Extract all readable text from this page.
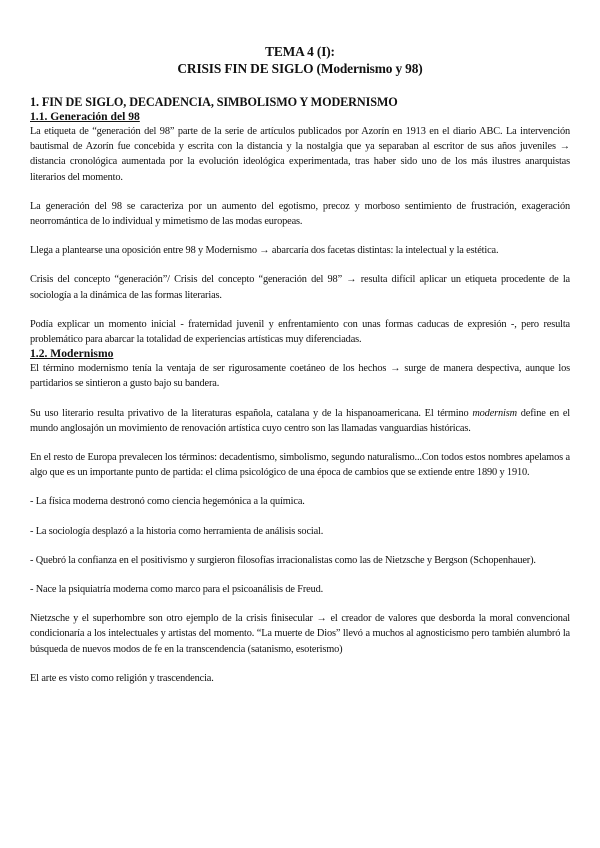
TEMA 4 (I):

CRISIS FIN DE SIGLO (Modernismo y 98)

1. FIN DE SIGLO, DECADENCIA, SIMBOLISMO Y MODERNISMO
1.1. Generación del 98

La etiqueta de “generación del 98” parte de la serie de artículos publicados por Azorín en 1913 en el diario ABC. La intervención bautismal de Azorín fue concebida y escrita con la distancia y la nostalgia que ya separaban al escritor de sus años juveniles → distancia cronológica aumentada por la evolución ideológica experimentada, tras haber sido uno de los más ilustres anarquistas literarios del momento.

La generación del 98 se caracteriza por un aumento del egotismo, precoz y morboso sentimiento de frustración, exageración neorromántica de lo individual y mimetismo de las modas europeas.

Llega a plantearse una oposición entre 98 y Modernismo → abarcaría dos facetas distintas: la intelectual y la estética.

Crisis del concepto “generación”/ Crisis del concepto “generación del 98” → resulta difícil aplicar un etiqueta procedente de la sociología a la dinámica de las formas literarias.

Podía explicar un momento inicial - fraternidad juvenil y enfrentamiento con unas formas caducas de expresión -, pero resulta problemático para abarcar la totalidad de experiencias artísticas muy diferenciadas.

1.2. Modernismo

El término modernismo tenía la ventaja de ser rigurosamente coetáneo de los hechos → surge de manera despectiva, aunque los partidarios se sintieron a gusto bajo su bandera.

Su uso literario resulta privativo de la literaturas española, catalana y de la hispanoamericana. El término modernism define en el mundo anglosajón un movimiento de renovación artística cuyo centro son las llamadas vanguardias históricas.

En el resto de Europa prevalecen los términos: decadentismo, simbolismo, segundo naturalismo...Con todos estos nombres apelamos a algo que es un importante punto de partida: el clima psicológico de una época de cambios que se extiende entre 1890 y 1910.

- La física moderna destronó como ciencia hegemónica a la química.

- La sociología desplazó a la historia como herramienta de análisis social.

- Quebró la confianza en el positivismo y surgieron filosofías irracionalistas como las de Nietzsche y Bergson (Schopenhauer).

- Nace la psiquiatría moderna como marco para el psicoanálisis de Freud.

Nietzsche y el superhombre son otro ejemplo de la crisis finisecular → el creador de valores que desborda la moral convencional condicionaría a los intelectuales y artistas del momento. “La muerte de Dios” llevó a muchos al agnosticismo pero también alumbró la búsqueda de nuevos modos de fe en la transcendencia (satanismo, esoterismo)

El arte es visto como religión y trascendencia.
